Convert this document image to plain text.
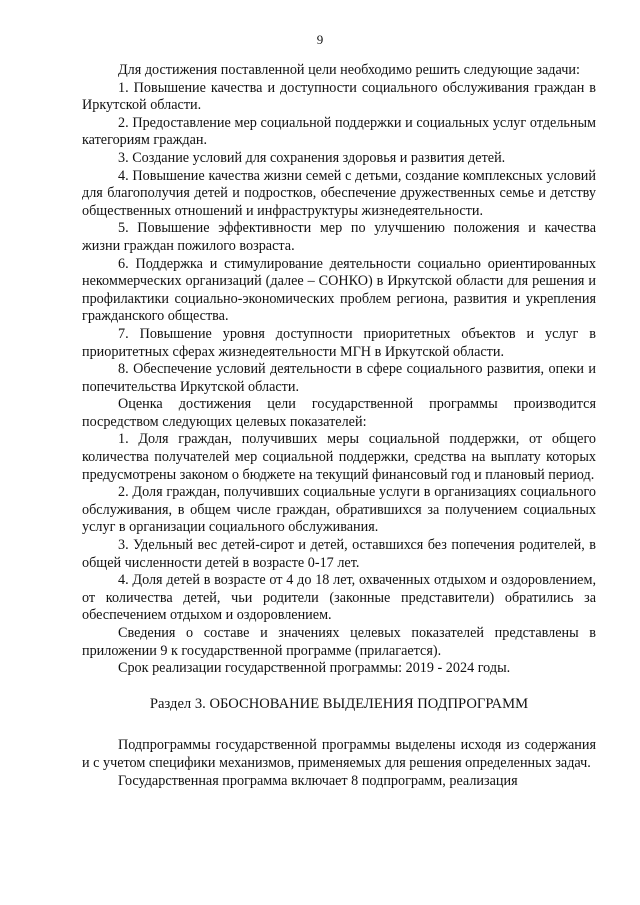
9

Для достижения поставленной цели необходимо решить следующие задачи:

1. Повышение качества и доступности социального обслуживания граждан в Иркутской области.

2. Предоставление мер социальной поддержки и социальных услуг отдельным категориям граждан.

3. Создание условий для сохранения здоровья и развития детей.

4. Повышение качества жизни семей с детьми, создание комплексных условий для благополучия детей и подростков, обеспечение дружественных семье и детству общественных отношений и инфраструктуры жизнедеятельности.

5. Повышение эффективности мер по улучшению положения и качества жизни граждан пожилого возраста.

6. Поддержка и стимулирование деятельности социально ориентированных некоммерческих организаций (далее – СОНКО) в Иркутской области для решения и профилактики социально-экономических проблем региона, развития и укрепления гражданского общества.

7. Повышение уровня доступности приоритетных объектов и услуг в приоритетных сферах жизнедеятельности МГН в Иркутской области.

8. Обеспечение условий деятельности в сфере социального развития, опеки и попечительства Иркутской области.

Оценка достижения цели государственной программы производится посредством следующих целевых показателей:

1. Доля граждан, получивших меры социальной поддержки, от общего количества получателей мер социальной поддержки, средства на выплату которых предусмотрены законом о бюджете на текущий финансовый год и плановый период.

2. Доля граждан, получивших социальные услуги в организациях социального обслуживания, в общем числе граждан, обратившихся за получением социальных услуг в организации социального обслуживания.

3. Удельный вес детей-сирот и детей, оставшихся без попечения родителей, в общей численности детей в возрасте 0-17 лет.

4. Доля детей в возрасте от 4 до 18 лет, охваченных отдыхом и оздоровлением, от количества детей, чьи родители (законные представители) обратились за обеспечением отдыхом и оздоровлением.

Сведения о составе и значениях целевых показателей представлены в приложении 9 к государственной программе (прилагается).

Срок реализации государственной программы: 2019 - 2024 годы.

Раздел 3. ОБОСНОВАНИЕ ВЫДЕЛЕНИЯ ПОДПРОГРАММ

Подпрограммы государственной программы выделены исходя из содержания и с учетом специфики механизмов, применяемых для решения определенных задач.

Государственная программа включает 8 подпрограмм, реализация
